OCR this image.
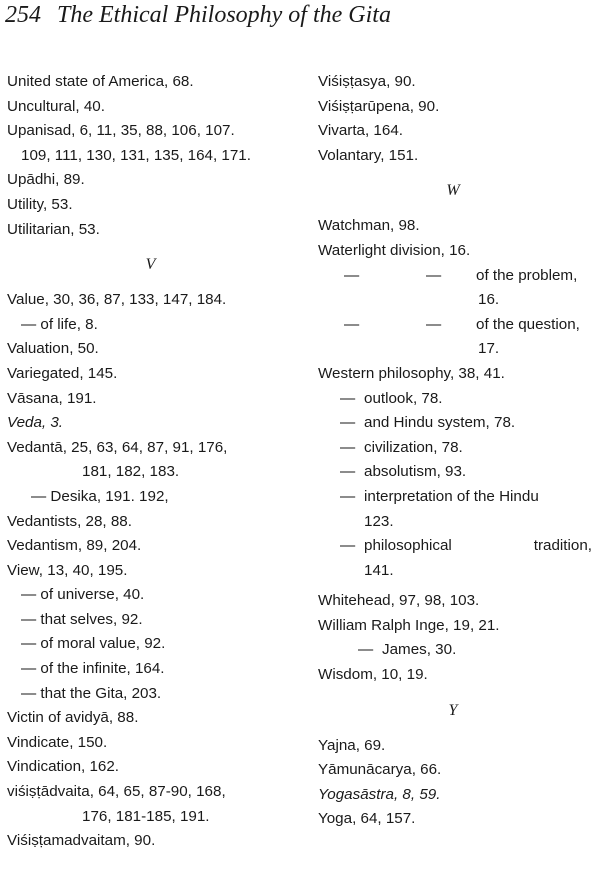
254 The Ethical Philosophy of the Gita
United state of America, 68.
Uncultural, 40.
Upanisad, 6, 11, 35, 88, 106, 107.
109, 111, 130, 131, 135, 164, 171.
Upādhi, 89.
Utility, 53.
Utilitarian, 53.
V
Value, 30, 36, 87, 133, 147, 184.
— of life, 8.
Valuation, 50.
Variegated, 145.
Vāsana, 191.
Veda, 3.
Vedantā, 25, 63, 64, 87, 91, 176,
181, 182, 183.
— Desika, 191. 192,
Vedantists, 28, 88.
Vedantism, 89, 204.
View, 13, 40, 195.
— of universe, 40.
— that selves, 92.
— of moral value, 92.
— of the infinite, 164.
— that the Gita, 203.
Victin of avidyā, 88.
Vindicate, 150.
Vindication, 162.
viśiṣṭādvaita, 64, 65, 87-90, 168,
176, 181-185, 191.
Viśiṣṭamadvaitam, 90.
Viśiṣṭasya, 90.
Viśiṣṭarūpena, 90.
Vivarta, 164.
Volantary, 151.
W
Watchman, 98.
Waterlight division, 16.
—	—	of the problem,
16.
—	—	of the question,
17.
Western philosophy, 38, 41.
— outlook, 78.
— and Hindu system, 78.
— civilization, 78.
— absolutism, 93.
— interpretation of the Hindu
123.
— philosophical	tradition,
141.
Whitehead, 97, 98, 103.
William Ralph Inge, 19, 21.
— James, 30.
Wisdom, 10, 19.
Y
Yajna, 69.
Yāmunācarya, 66.
Yogasāstra, 8, 59.
Yoga, 64, 157.
